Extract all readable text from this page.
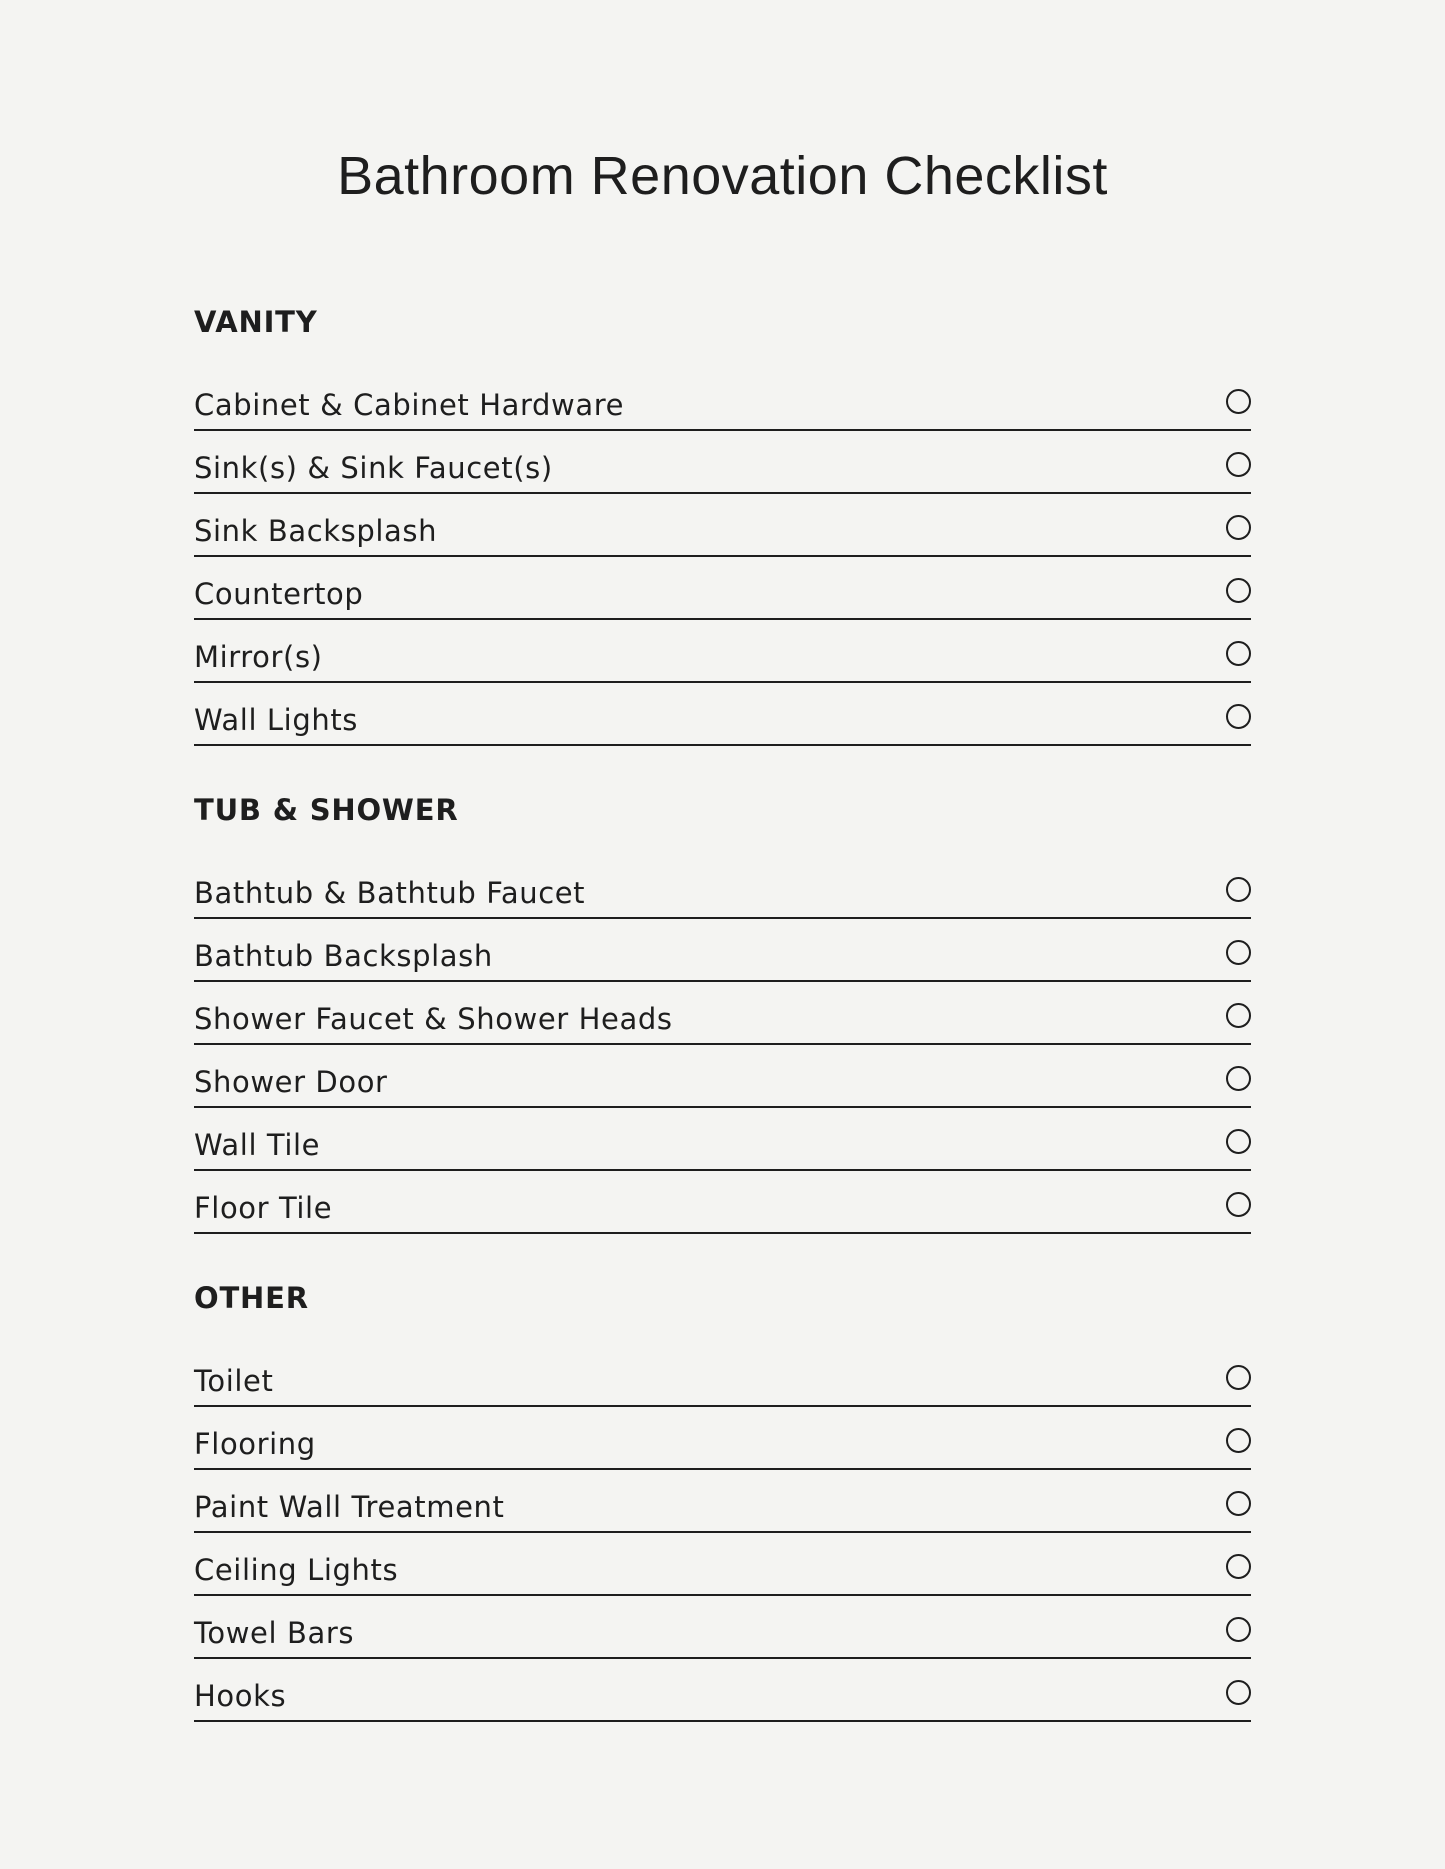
Bathroom Renovation Checklist
VANITY
Cabinet & Cabinet Hardware
Sink(s) & Sink Faucet(s)
Sink Backsplash
Countertop
Mirror(s)
Wall Lights
TUB & SHOWER
Bathtub & Bathtub Faucet
Bathtub Backsplash
Shower Faucet & Shower Heads
Shower Door
Wall Tile
Floor Tile
OTHER
Toilet
Flooring
Paint Wall Treatment
Ceiling Lights
Towel Bars
Hooks
